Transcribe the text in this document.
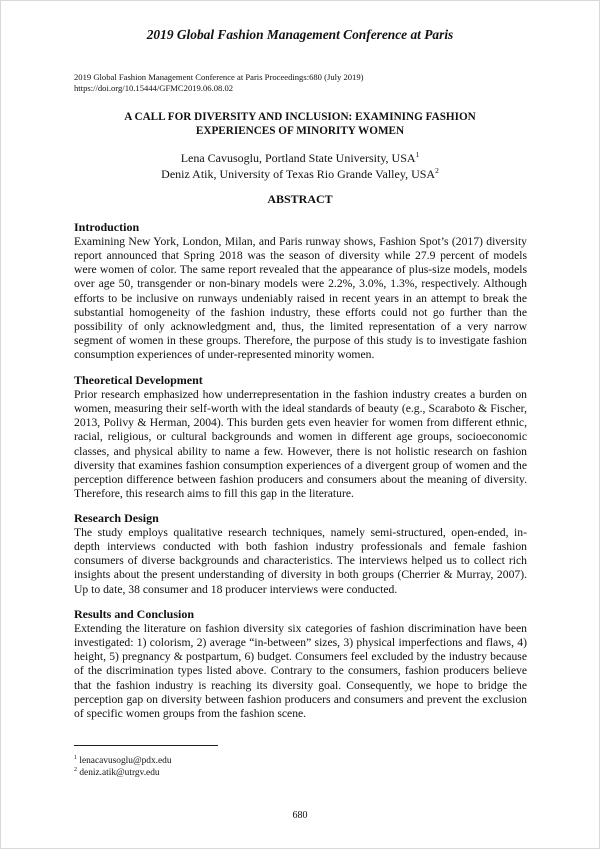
2019 Global Fashion Management Conference at Paris
2019 Global Fashion Management Conference at Paris Proceedings:680 (July 2019)
https://doi.org/10.15444/GFMC2019.06.08.02
A CALL FOR DIVERSITY AND INCLUSION: EXAMINING FASHION
EXPERIENCES OF MINORITY WOMEN
Lena Cavusoglu, Portland State University, USA$^1$
Deniz Atik, University of Texas Rio Grande Valley, USA$^2$
ABSTRACT
Introduction

Examining New York, London, Milan, and Paris runway shows, Fashion Spot’s (2017) diversity report announced that Spring 2018 was the season of diversity while 27.9 percent of models were women of color. The same report revealed that the appearance of plus-size models, models over age 50, transgender or non-binary models were 2.2%, 3.0%, 1.3%, respectively. Although efforts to be inclusive on runways undeniably raised in recent years in an attempt to break the substantial homogeneity of the fashion industry, these efforts could not go further than the possibility of only acknowledgment and, thus, the limited representation of a very narrow segment of women in these groups. Therefore, the purpose of this study is to investigate fashion consumption experiences of under-represented minority women.

Theoretical Development

Prior research emphasized how underrepresentation in the fashion industry creates a burden on women, measuring their self-worth with the ideal standards of beauty (e.g., Scaraboto & Fischer, 2013, Polivy & Herman, 2004). This burden gets even heavier for women from different ethnic, racial, religious, or cultural backgrounds and women in different age groups, socioeconomic classes, and physical ability to name a few. However, there is not holistic research on fashion diversity that examines fashion consumption experiences of a divergent group of women and the perception difference between fashion producers and consumers about the meaning of diversity. Therefore, this research aims to fill this gap in the literature.

Research Design

The study employs qualitative research techniques, namely semi-structured, open-ended, in-depth interviews conducted with both fashion industry professionals and female fashion consumers of diverse backgrounds and characteristics. The interviews helped us to collect rich insights about the present understanding of diversity in both groups (Cherrier & Murray, 2007). Up to date, 38 consumer and 18 producer interviews were conducted.

Results and Conclusion

Extending the literature on fashion diversity six categories of fashion discrimination have been investigated: 1) colorism, 2) average “in-between” sizes, 3) physical imperfections and flaws, 4) height, 5) pregnancy & postpartum, 6) budget. Consumers feel excluded by the industry because of the discrimination types listed above. Contrary to the consumers, fashion producers believe that the fashion industry is reaching its diversity goal. Consequently, we hope to bridge the perception gap on diversity between fashion producers and consumers and prevent the exclusion of specific women groups from the fashion scene.

$^1$ lenacavusoglu@pdx.edu
$^2$ deniz.atik@utrgv.edu
680
